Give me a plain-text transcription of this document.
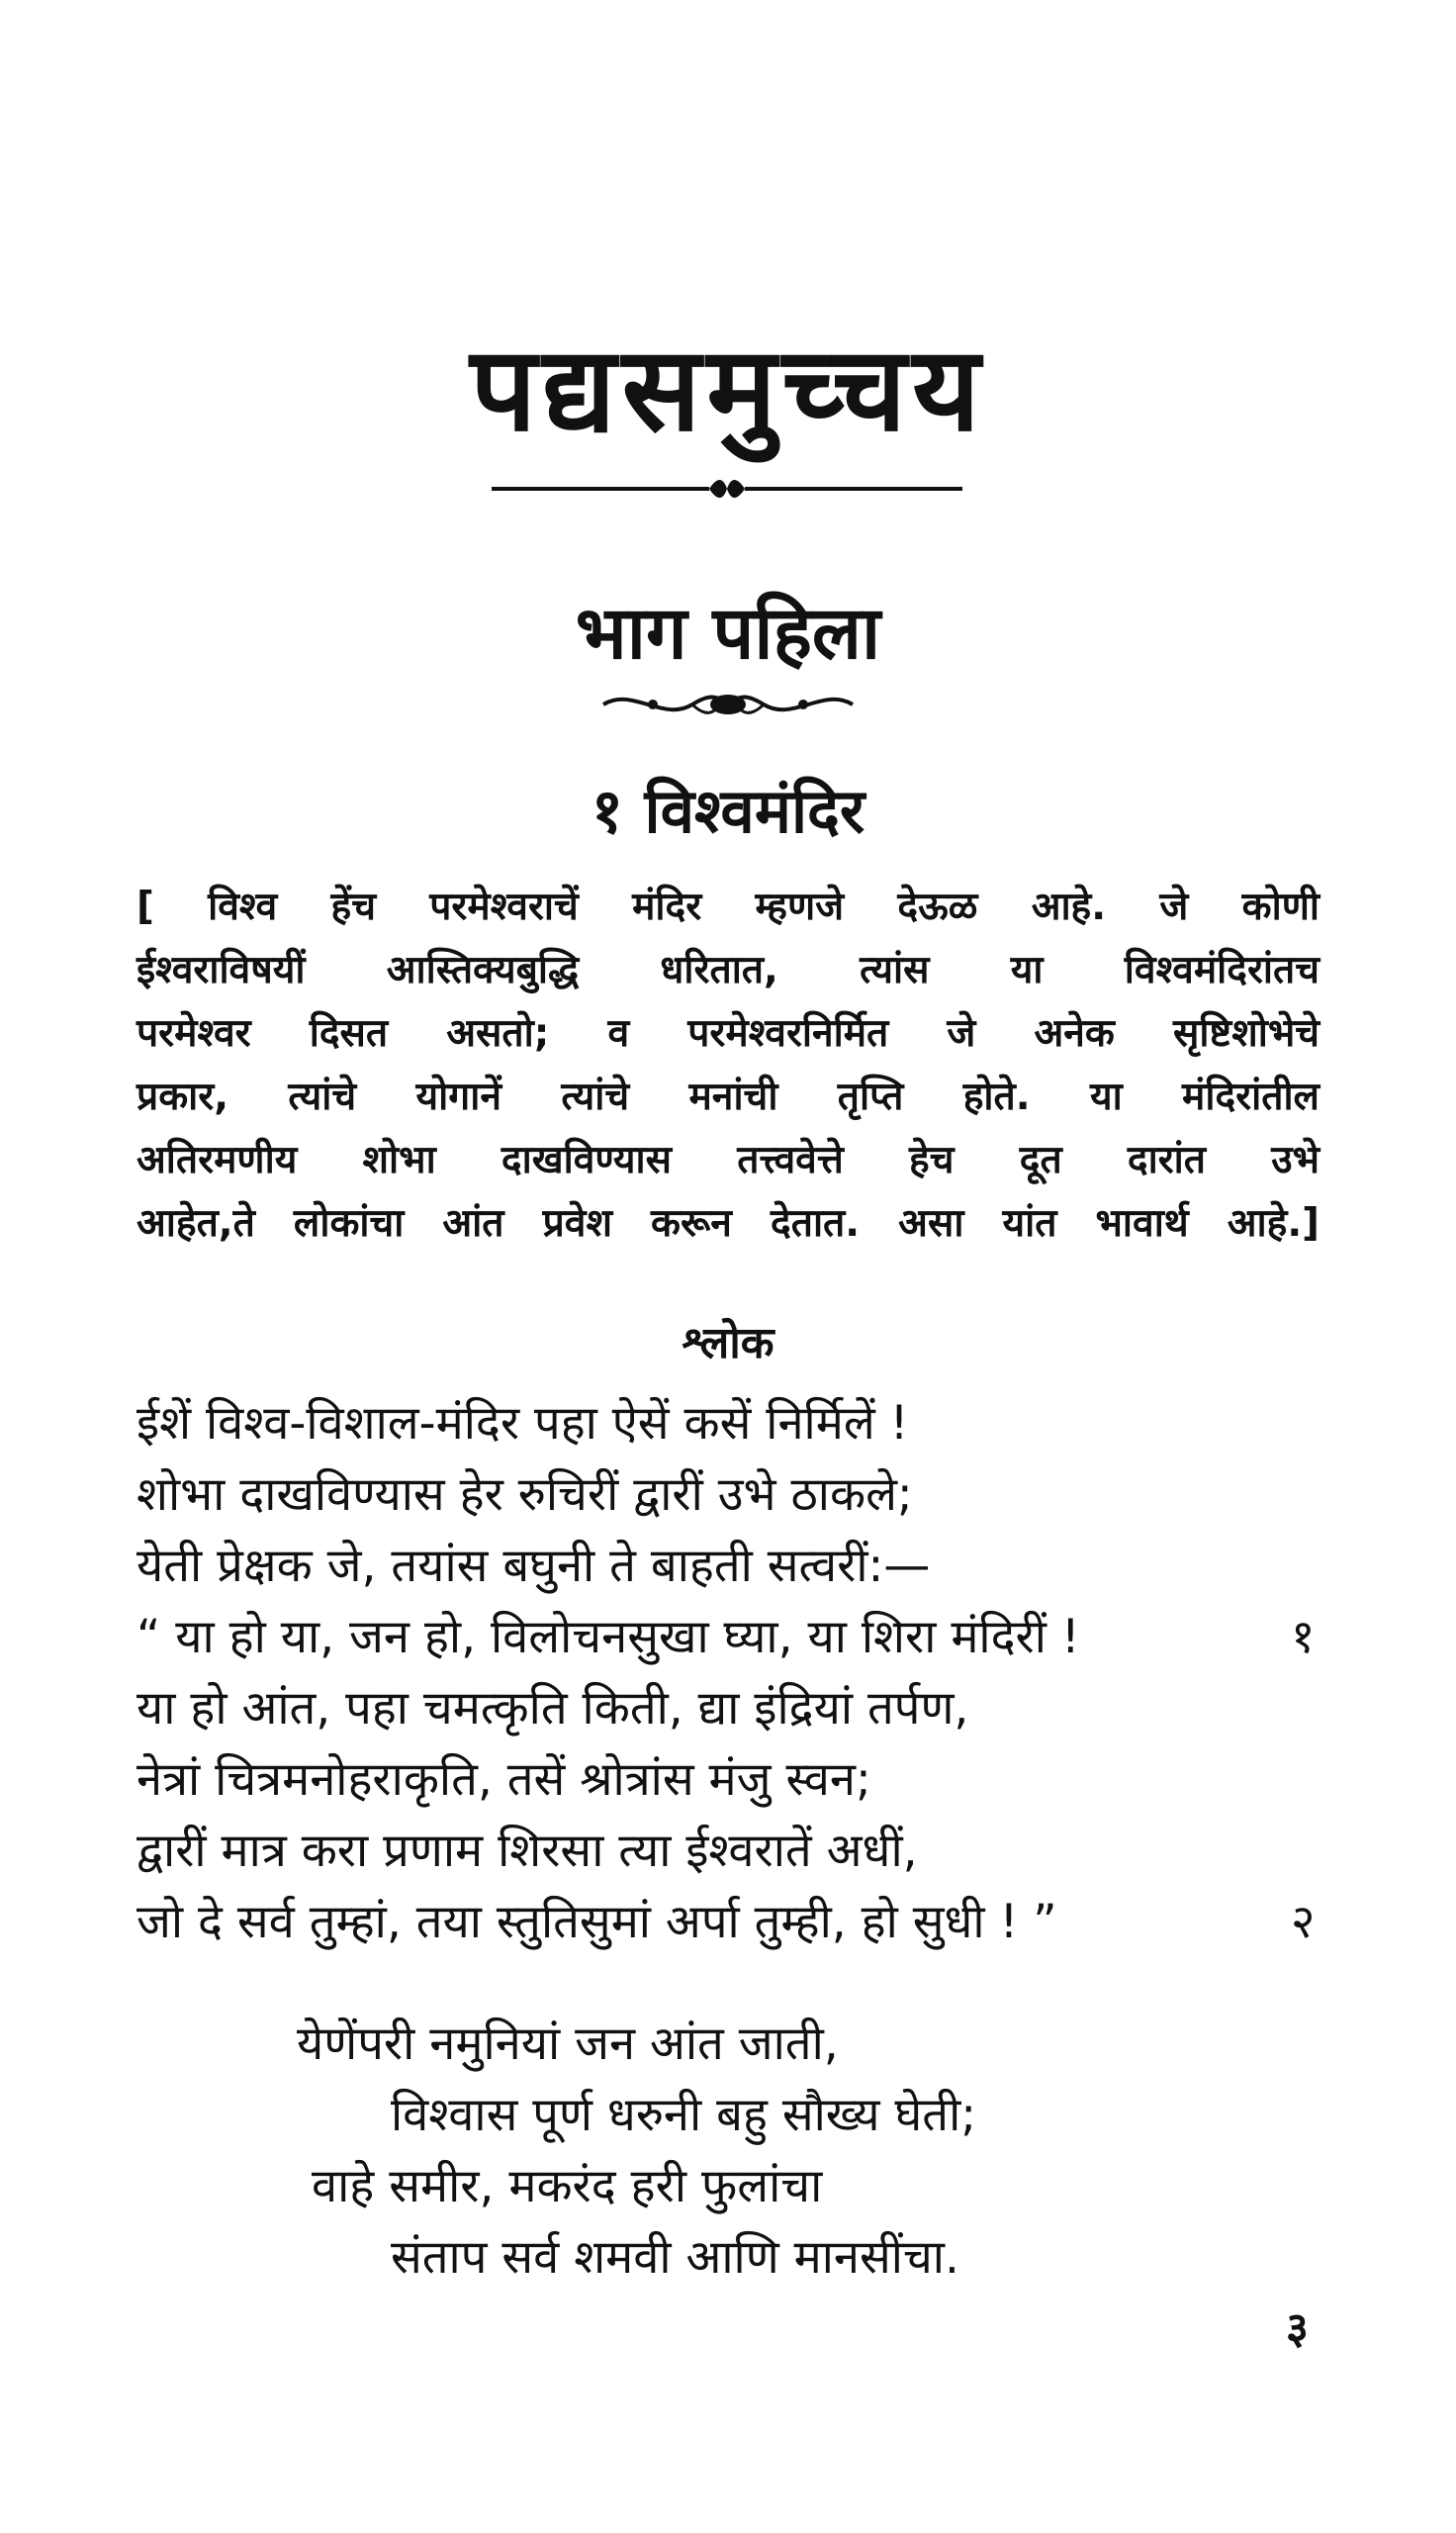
पद्यसमुच्चय
भाग पहिला
१ विश्वमंदिर
[ विश्व हेंच परमेश्वराचें मंदिर म्हणजे देऊळ आहे. जे कोणी
ईश्वराविषयीं आस्तिक्यबुद्धि धरितात, त्यांस या विश्वमंदिरांतच
परमेश्वर दिसत असतो; व परमेश्वरनिर्मित जे अनेक सृष्टिशोभेचे
प्रकार, त्यांचे योगानें त्यांचे मनांची तृप्ति होते. या मंदिरांतील
अतिरमणीय शोभा दाखविण्यास तत्त्ववेत्ते हेच दूत दारांत उभे
आहेत,ते लोकांचा आंत प्रवेश करून देतात. असा यांत भावार्थ आहे.]
श्लोक
ईशें विश्व-विशाल-मंदिर पहा ऐसें कसें निर्मिलें !
शोभा दाखविण्यास हेर रुचिरीं द्वारीं उभे ठाकले;
येती प्रेक्षक जे, तयांस बघुनी ते बाहती सत्वरीं:—
“ या हो या, जन हो, विलोचनसुखा घ्या, या शिरा मंदिरीं !	१
या हो आंत, पहा चमत्कृति किती, द्या इंद्रियां तर्पण,
नेत्रां चित्रमनोहराकृति, तसें श्रोत्रांस मंजु स्वन;
द्वारीं मात्र करा प्रणाम शिरसा त्या ईश्वरातें अधीं,
जो दे सर्व तुम्हां, तया स्तुतिसुमां अर्पा तुम्ही, हो सुधी ! ”	२
येणेंपरी नमुनियां जन आंत जाती,
विश्वास पूर्ण धरुनी बहु सौख्य घेती;
वाहे समीर, मकरंद हरी फुलांचा
संताप सर्व शमवी आणि मानसींचा.
३
